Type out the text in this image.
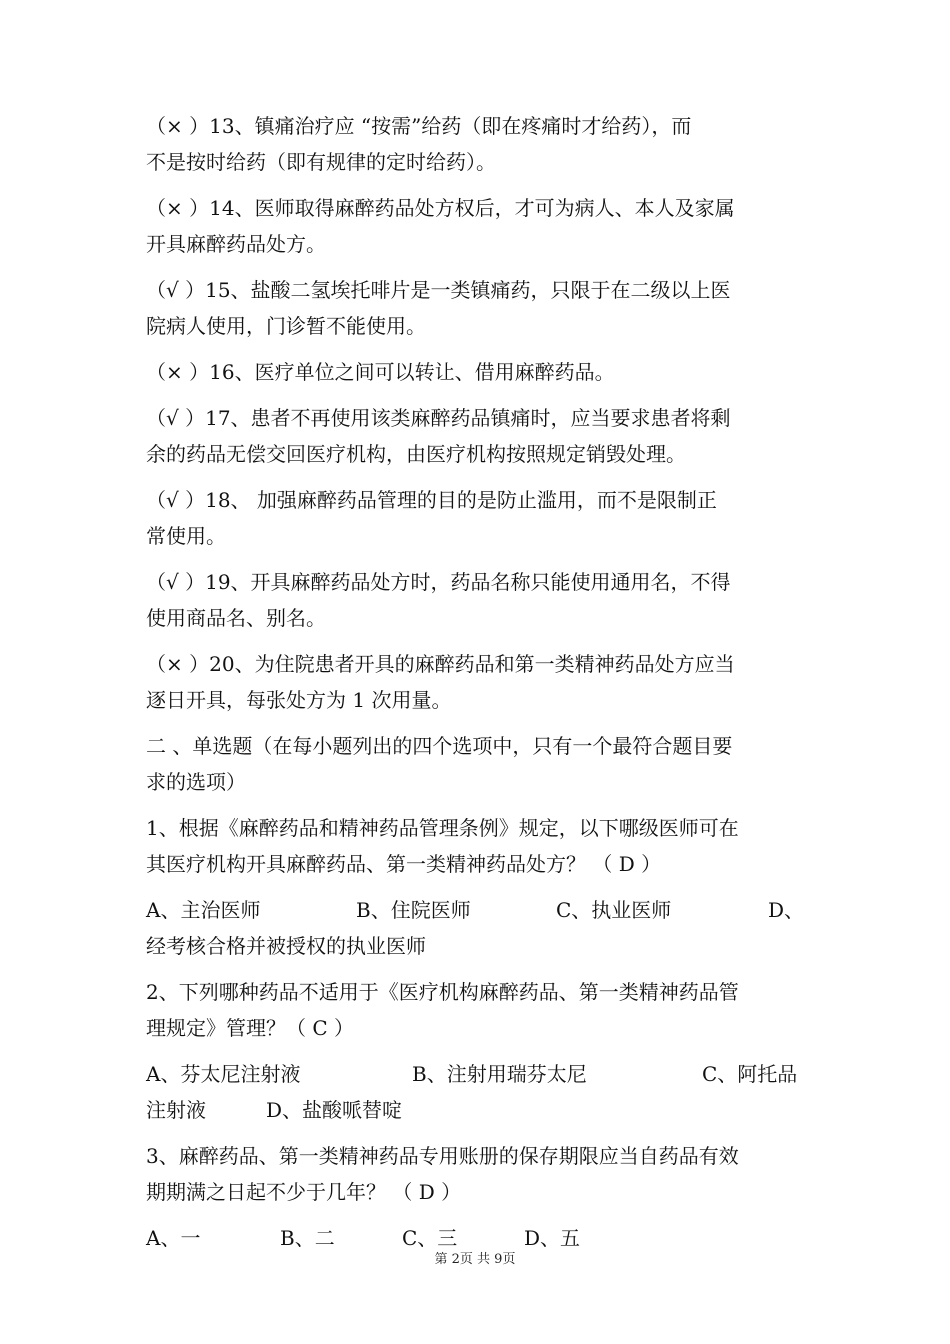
（× ）13、镇痛治疗应 “按需”给药（即在疼痛时才给药），而
不是按时给药（即有规律的定时给药）。
（× ）14、医师取得麻醉药品处方权后，才可为病人、本人及家属
开具麻醉药品处方。
（√ ）15、盐酸二氢埃托啡片是一类镇痛药，只限于在二级以上医
院病人使用，门诊暂不能使用。
（× ）16、医疗单位之间可以转让、借用麻醉药品。
（√ ）17、患者不再使用该类麻醉药品镇痛时，应当要求患者将剩
余的药品无偿交回医疗机构，由医疗机构按照规定销毁处理。
（√ ）18、 加强麻醉药品管理的目的是防止滥用，而不是限制正
常使用。
（√ ）19、开具麻醉药品处方时，药品名称只能使用通用名，不得
使用商品名、别名。
（× ）20、为住院患者开具的麻醉药品和第一类精神药品处方应当
逐日开具，每张处方为 1 次用量。
二 、单选题（在每小题列出的四个选项中，只有一个最符合题目要
求的选项）
1、根据《麻醉药品和精神药品管理条例》规定，以下哪级医师可在
其医疗机构开具麻醉药品、第一类精神药品处方？ （ D ）
A、主治医师	B、住院医师	C、执业医师	D、
经考核合格并被授权的执业医师
2、下列哪种药品不适用于《医疗机构麻醉药品、第一类精神药品管
理规定》管理？（ C ）
A、芬太尼注射液	B、注射用瑞芬太尼	C、阿托品
注射液	D、盐酸哌替啶
3、麻醉药品、第一类精神药品专用账册的保存期限应当自药品有效
期期满之日起不少于几年？ （ D ）
A、一	B、二	C、三	D、五
第 2页 共 9页
